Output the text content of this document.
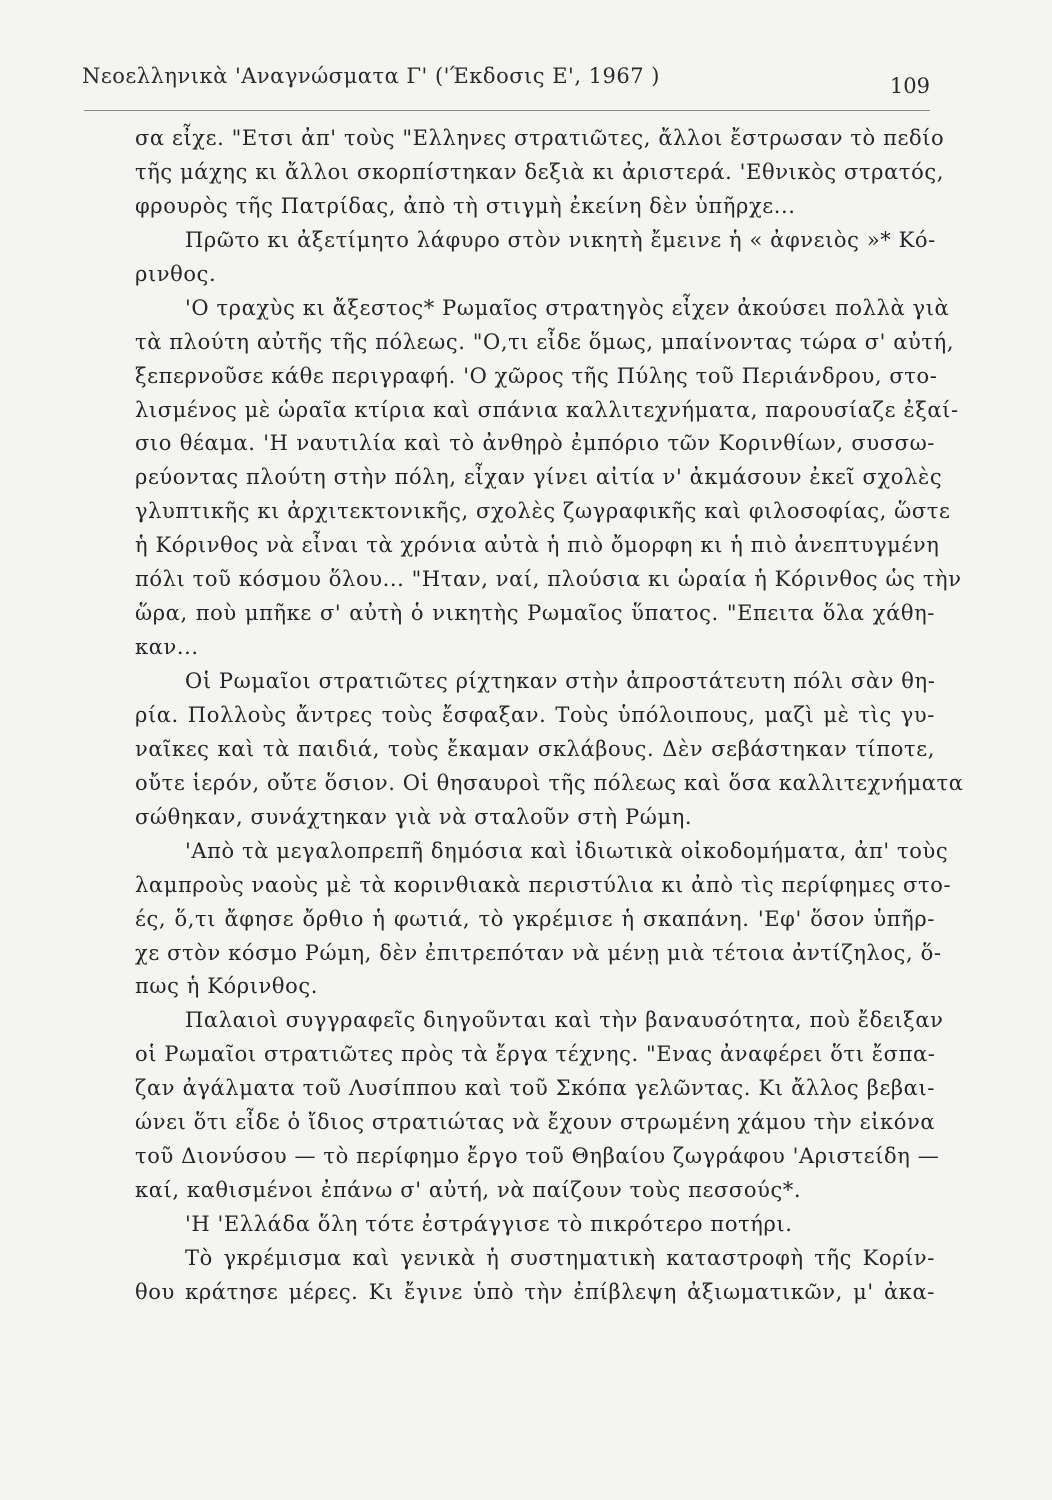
Νεοελληνικὰ 'Αναγνώσματα Γ' ('Έκδοσις Ε', 1967 )	109
σα εἶχε. "Ετσι ἀπ' τοὺς "Ελληνες στρατιῶτες, ἄλλοι ἔστρωσαν τὸ πεδίο
τῆς μάχης κι ἄλλοι σκορπίστηκαν δεξιὰ κι ἀριστερά. 'Εθνικὸς στρατός,
φρουρὸς τῆς Πατρίδας, ἀπὸ τὴ στιγμὴ ἐκείνη δὲν ὑπῆρχε...
Πρῶτο κι ἀξετίμητο λάφυρο στὸν νικητὴ ἔμεινε ἡ « ἀφνειὸς »* Κό-
ρινθος.
'Ο τραχὺς κι ἄξεστος* Ρωμαῖος στρατηγὸς εἶχεν ἀκούσει πολλὰ γιὰ
τὰ πλούτη αὐτῆς τῆς πόλεως. "Ο,τι εἶδε ὅμως, μπαίνοντας τώρα σ' αὐτή,
ξεπερνοῦσε κάθε περιγραφή. 'Ο χῶρος τῆς Πύλης τοῦ Περιάνδρου, στο-
λισμένος μὲ ὡραῖα κτίρια καὶ σπάνια καλλιτεχνήματα, παρουσίαζε ἐξαί-
σιο θέαμα. 'Η ναυτιλία καὶ τὸ ἀνθηρὸ ἐμπόριο τῶν Κορινθίων, συσσω-
ρεύοντας πλούτη στὴν πόλη, εἶχαν γίνει αἰτία ν' ἀκμάσουν ἐκεῖ σχολὲς
γλυπτικῆς κι ἀρχιτεκτονικῆς, σχολὲς ζωγραφικῆς καὶ φιλοσοφίας, ὥστε
ἡ Κόρινθος νὰ εἶναι τὰ χρόνια αὐτὰ ἡ πιὸ ὄμορφη κι ἡ πιὸ ἀνεπτυγμένη
πόλι τοῦ κόσμου ὅλου... "Ηταν, ναί, πλούσια κι ὡραία ἡ Κόρινθος ὡς τὴν
ὥρα, ποὺ μπῆκε σ' αὐτὴ ὁ νικητὴς Ρωμαῖος ὕπατος. "Επειτα ὅλα χάθη-
καν...
Οἱ Ρωμαῖοι στρατιῶτες ρίχτηκαν στὴν ἀπροστάτευτη πόλι σὰν θη-
ρία. Πολλοὺς ἄντρες τοὺς ἔσφαξαν. Τοὺς ὑπόλοιπους, μαζὶ μὲ τὶς γυ-
ναῖκες καὶ τὰ παιδιά, τοὺς ἔκαμαν σκλάβους. Δὲν σεβάστηκαν τίποτε,
οὔτε ἱερόν, οὔτε ὅσιον. Οἱ θησαυροὶ τῆς πόλεως καὶ ὅσα καλλιτεχνήματα
σώθηκαν, συνάχτηκαν γιὰ νὰ σταλοῦν στὴ Ρώμη.
'Απὸ τὰ μεγαλοπρεπῆ δημόσια καὶ ἰδιωτικὰ οἰκοδομήματα, ἀπ' τοὺς
λαμπροὺς ναοὺς μὲ τὰ κορινθιακὰ περιστύλια κι ἀπὸ τὶς περίφημες στο-
ές, ὅ,τι ἄφησε ὄρθιο ἡ φωτιά, τὸ γκρέμισε ἡ σκαπάνη. 'Εφ' ὅσον ὑπῆρ-
χε στὸν κόσμο Ρώμη, δὲν ἐπιτρεπόταν νὰ μένῃ μιὰ τέτοια ἀντίζηλος, ὅ-
πως ἡ Κόρινθος.
Παλαιοὶ συγγραφεῖς διηγοῦνται καὶ τὴν βαναυσότητα, ποὺ ἔδειξαν
οἱ Ρωμαῖοι στρατιῶτες πρὸς τὰ ἔργα τέχνης. "Ενας ἀναφέρει ὅτι ἔσπα-
ζαν ἀγάλματα τοῦ Λυσίππου καὶ τοῦ Σκόπα γελῶντας. Κι ἄλλος βεβαι-
ώνει ὅτι εἶδε ὁ ἴδιος στρατιώτας νὰ ἔχουν στρωμένη χάμου τὴν εἰκόνα
τοῦ Διονύσου — τὸ περίφημο ἔργο τοῦ Θηβαίου ζωγράφου 'Αριστείδη —
καί, καθισμένοι ἐπάνω σ' αὐτή, νὰ παίζουν τοὺς πεσσούς*.
'Η 'Ελλάδα ὅλη τότε ἐστράγγισε τὸ πικρότερο ποτήρι.
Τὸ γκρέμισμα καὶ γενικὰ ἡ συστηματικὴ καταστροφὴ τῆς Κορίν-
θου κράτησε μέρες. Κι ἔγινε ὑπὸ τὴν ἐπίβλεψη ἀξιωματικῶν, μ' ἀκα-
